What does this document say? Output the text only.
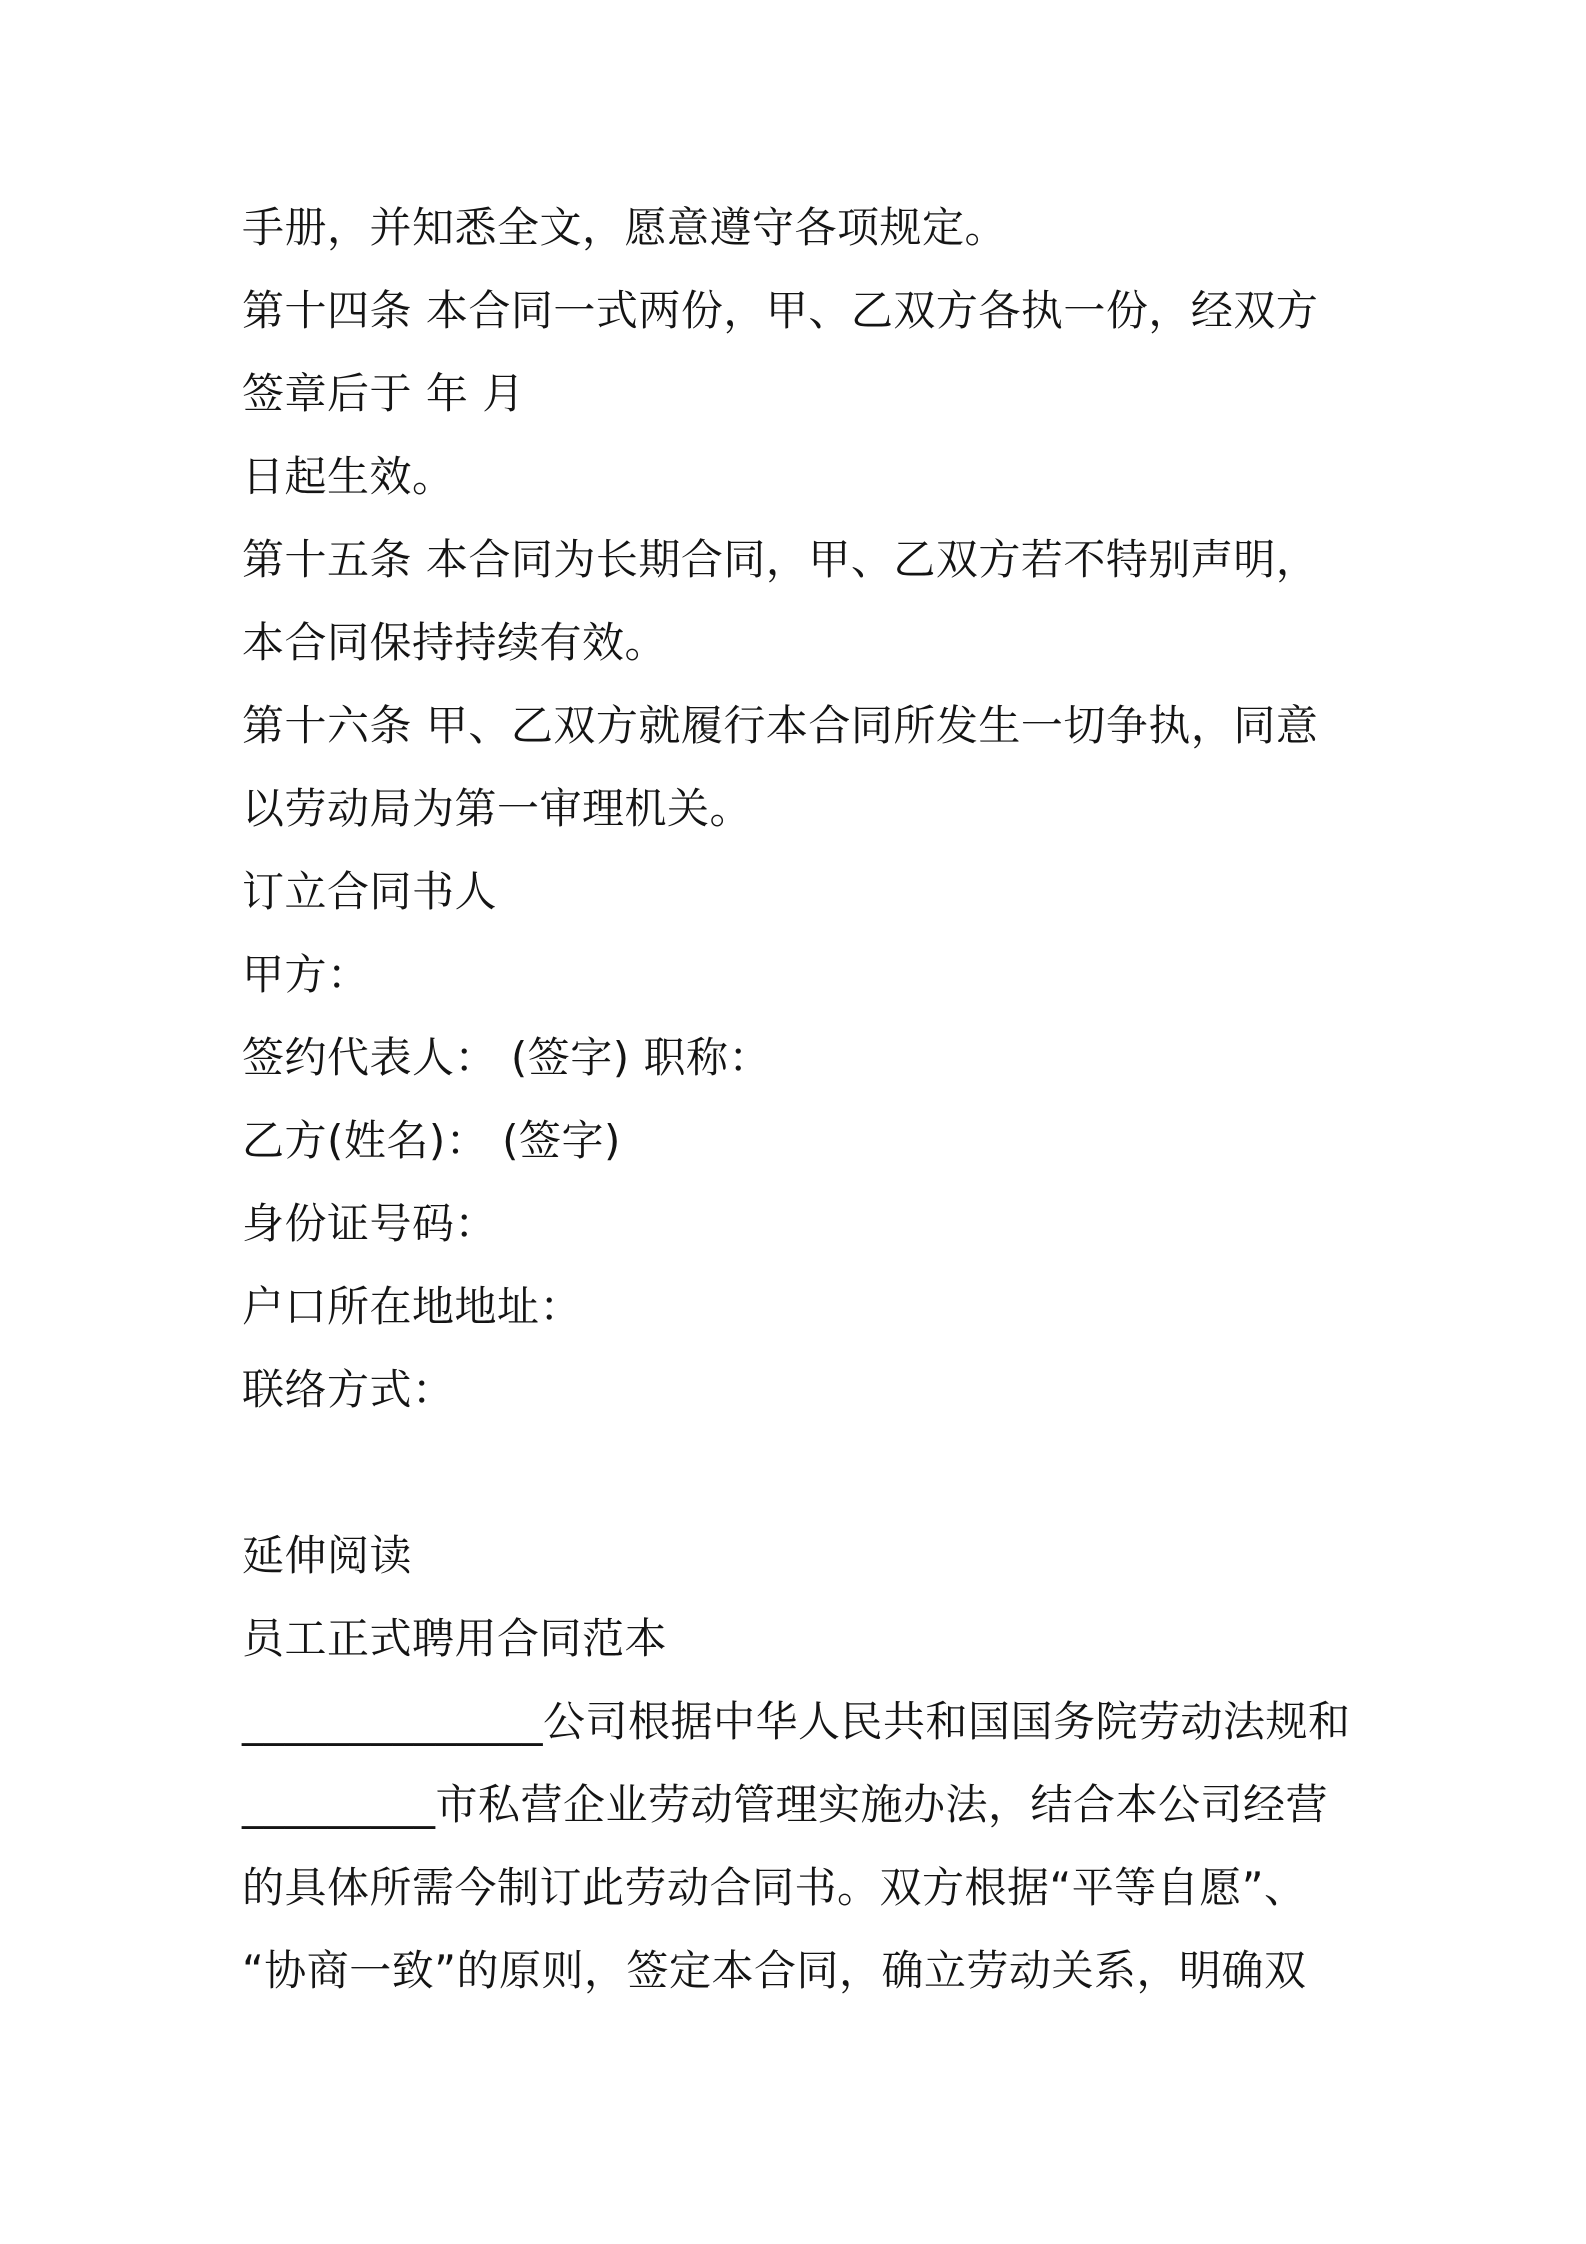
手册，并知悉全文，愿意遵守各项规定。
第十四条 本合同一式两份，甲、乙双方各执一份，经双方
签章后于 年 月
日起生效。
第十五条 本合同为长期合同，甲、乙双方若不特别声明，
本合同保持持续有效。
第十六条 甲、乙双方就履行本合同所发生一切争执，同意
以劳动局为第一审理机关。
订立合同书人
甲方：
签约代表人： (签字) 职称：
乙方(姓名)： (签字)
身份证号码：
户口所在地地址：
联络方式：
延伸阅读
员工正式聘用合同范本
______________公司根据中华人民共和国国务院劳动法规和
_________市私营企业劳动管理实施办法，结合本公司经营
的具体所需今制订此劳动合同书。双方根据“平等自愿”、
“协商一致”的原则，签定本合同，确立劳动关系，明确双
